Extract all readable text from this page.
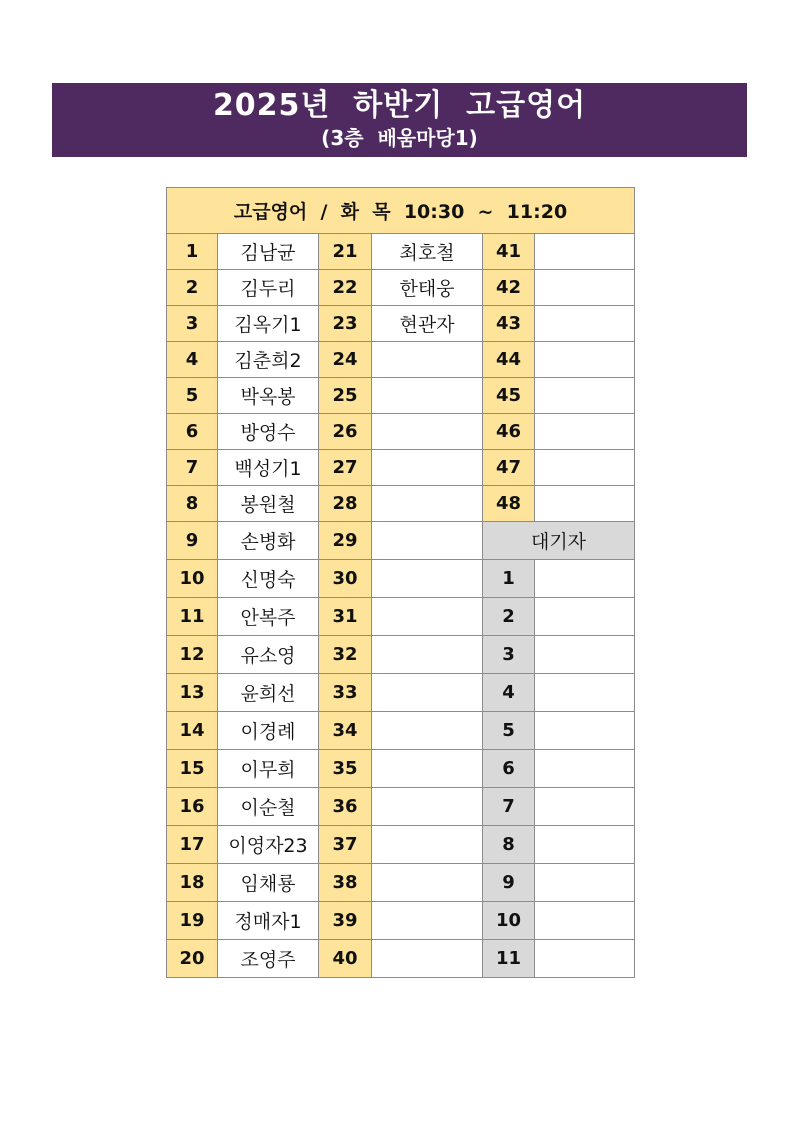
2025년  하반기  고급영어
(3층  배움마당1)
고급영어  /  화  목  10:30  ~  11:20					
1	김남균	21	최호철	41	
2	김두리	22	한태웅	42	
3	김옥기1	23	현관자	43	
4	김춘희2	24		44	
5	박옥봉	25		45	
6	방영수	26		46	
7	백성기1	27		47	
8	봉원철	28		48	
9	손병화	29		대기자	
10	신명숙	30		1	
11	안복주	31		2	
12	유소영	32		3	
13	윤희선	33		4	
14	이경례	34		5	
15	이무희	35		6	
16	이순철	36		7	
17	이영자23	37		8	
18	임채룡	38		9	
19	정매자1	39		10	
20	조영주	40		11	
